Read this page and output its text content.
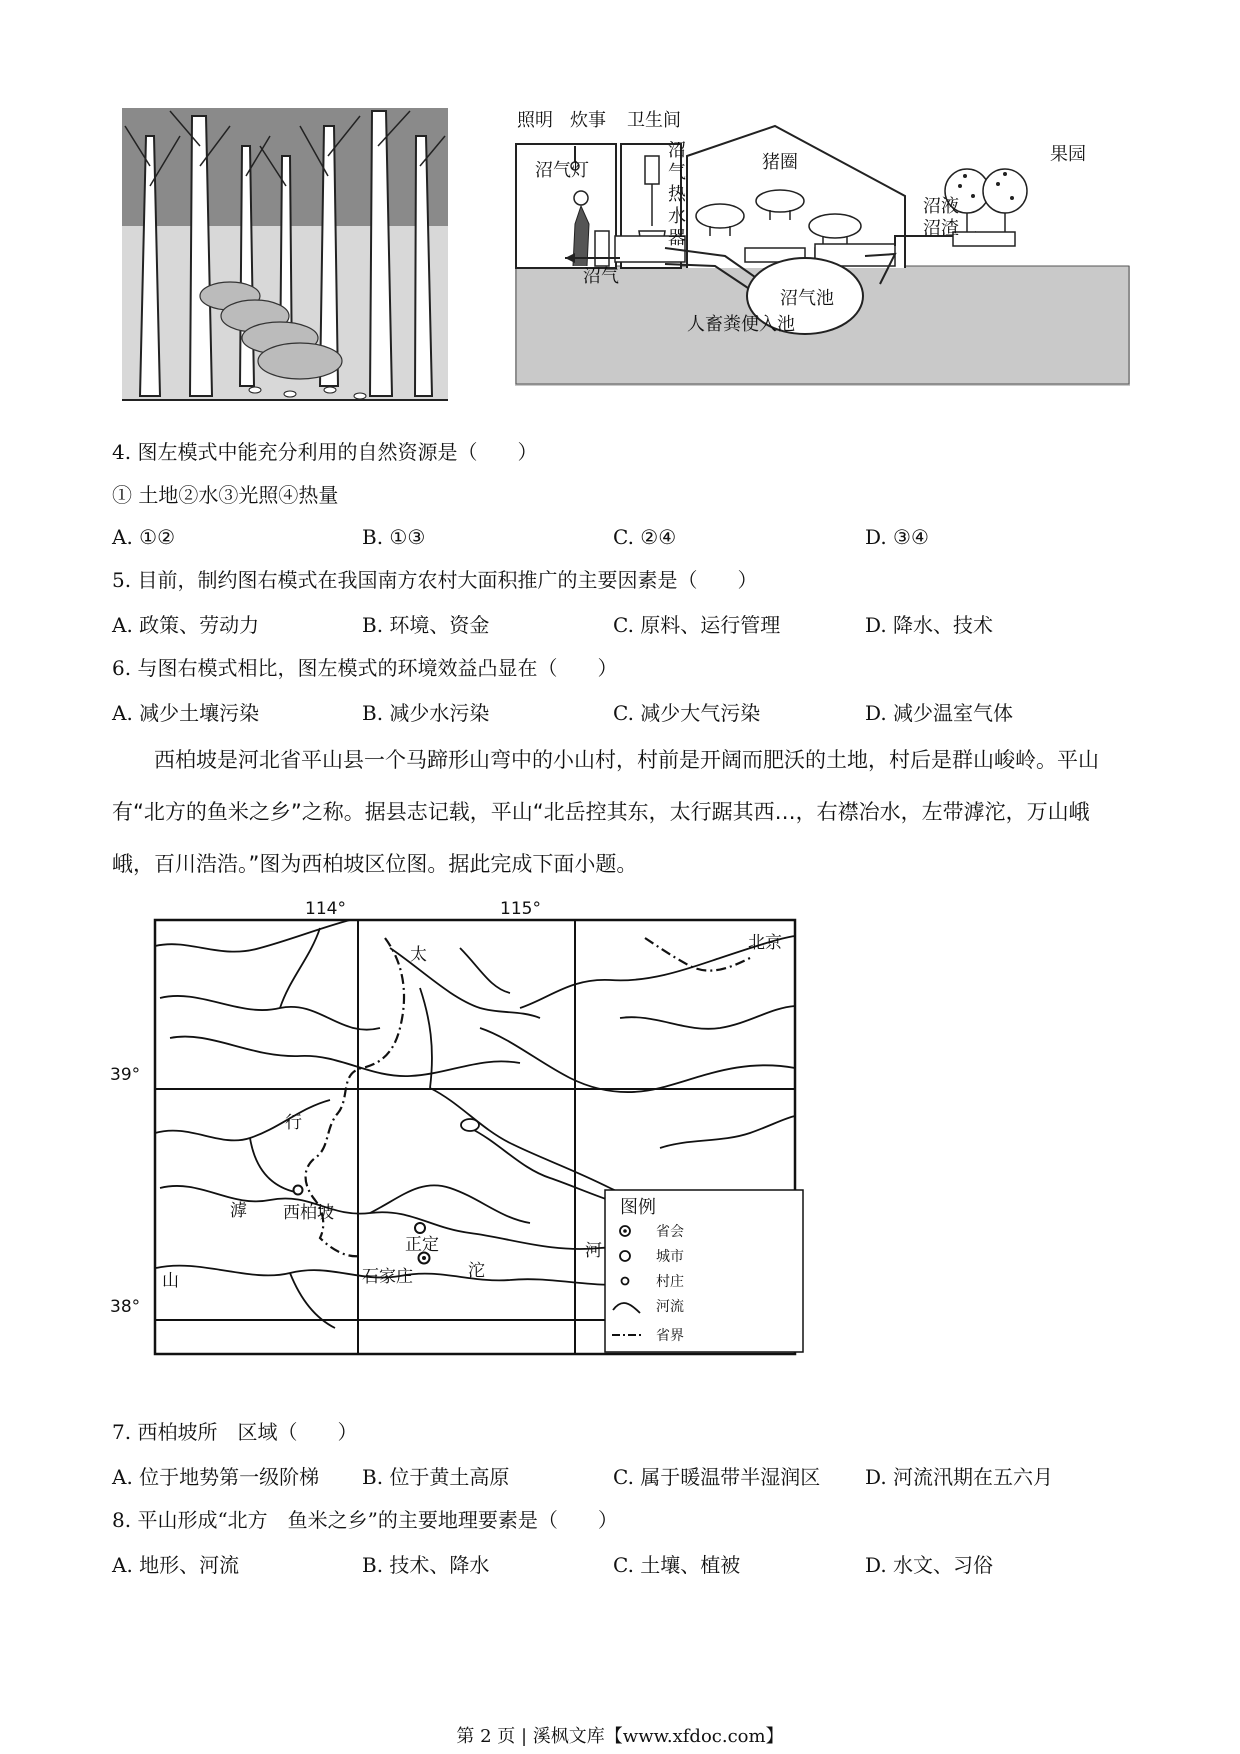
照明 炊事 卫生间
沼气灯
沼
气
热
水
器
猪圈	果园
沼液
沼渣
沼气
沼气池
人畜粪便入池
4. 图左模式中能充分利用的自然资源是（　　）
① 土地②水③光照④热量
A. ①②	B. ①③	C. ②④	D. ③④
5. 目前，制约图右模式在我国南方农村大面积推广的主要因素是（　　）
A. 政策、劳动力	B. 环境、资金	C. 原料、运行管理	D. 降水、技术
6. 与图右模式相比，图左模式的环境效益凸显在（　　）
A. 减少土壤污染	B. 减少水污染	C. 减少大气污染	D. 减少温室气体
西柏坡是河北省平山县一个马蹄形山弯中的小山村，村前是开阔而肥沃的土地，村后是群山峻岭。平山有“北方的鱼米之乡”之称。据县志记载，平山“北岳控其东，太行踞其西…，右襟冶水，左带滹沱，万山峨峨，百川浩浩。”图为西柏坡区位图。据此完成下面小题。
114°	115°
39°
38°
北京
太
行
山
滹
沱
河
西柏坡
正定
石家庄
图例
省会
城市
村庄
河流
省界
7. 西柏坡所　区域（　　）
A. 位于地势第一级阶梯 B. 位于黄土高原	C. 属于暖温带半湿润区 D. 河流汛期在五六月
8. 平山形成“北方　鱼米之乡”的主要地理要素是（　　）
A. 地形、河流	B. 技术、降水	C. 土壤、植被	D. 水文、习俗
第 2 页 | 溪枫文库【www.xfdoc.com】
